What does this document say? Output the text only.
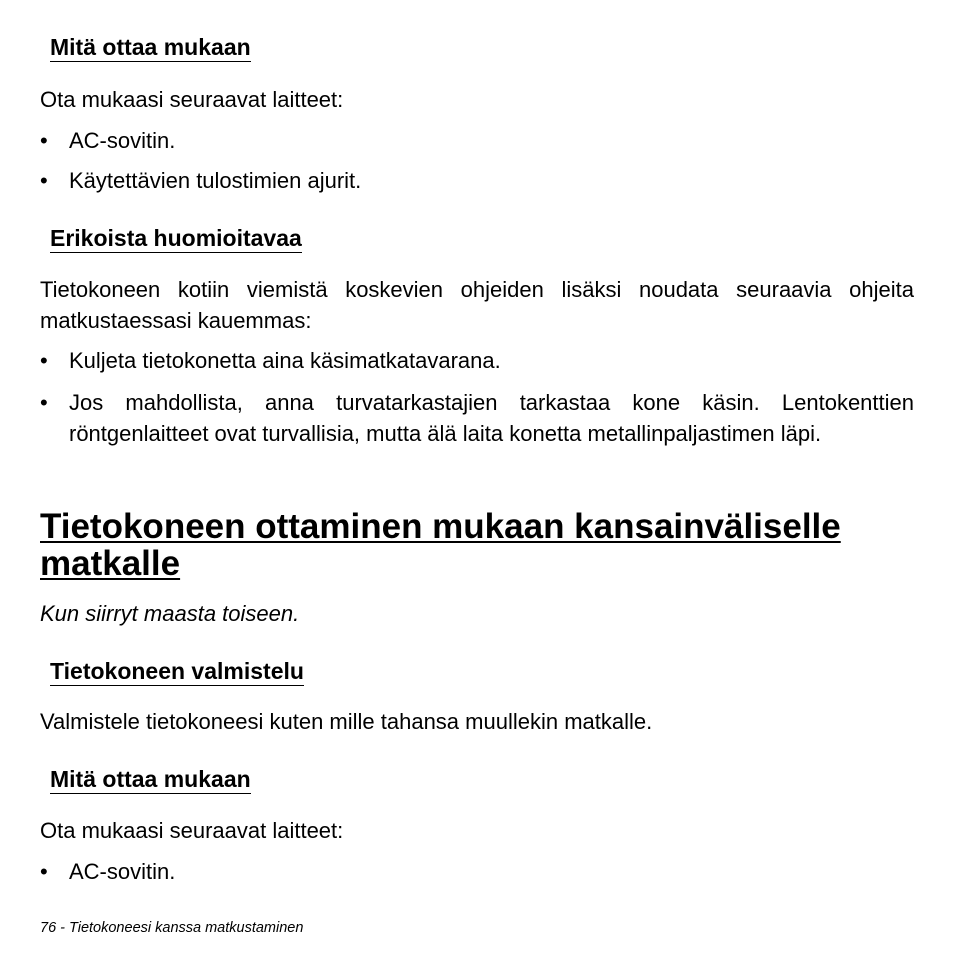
Mitä ottaa mukaan
Ota mukaasi seuraavat laitteet:
• AC-sovitin.
• Käytettävien tulostimien ajurit.
Erikoista huomioitavaa
Tietokoneen kotiin viemistä koskevien ohjeiden lisäksi noudata seuraavia ohjeita matkustaessasi kauemmas:
• Kuljeta tietokonetta aina käsimatkatavarana.
• Jos mahdollista, anna turvatarkastajien tarkastaa kone käsin. Lentokenttien röntgenlaitteet ovat turvallisia, mutta älä laita konetta metallinpaljastimen läpi.
Tietokoneen ottaminen mukaan kansainväliselle matkalle
Kun siirryt maasta toiseen.
Tietokoneen valmistelu
Valmistele tietokoneesi kuten mille tahansa muullekin matkalle.
Mitä ottaa mukaan
Ota mukaasi seuraavat laitteet:
• AC-sovitin.
76 - Tietokoneesi kanssa matkustaminen
